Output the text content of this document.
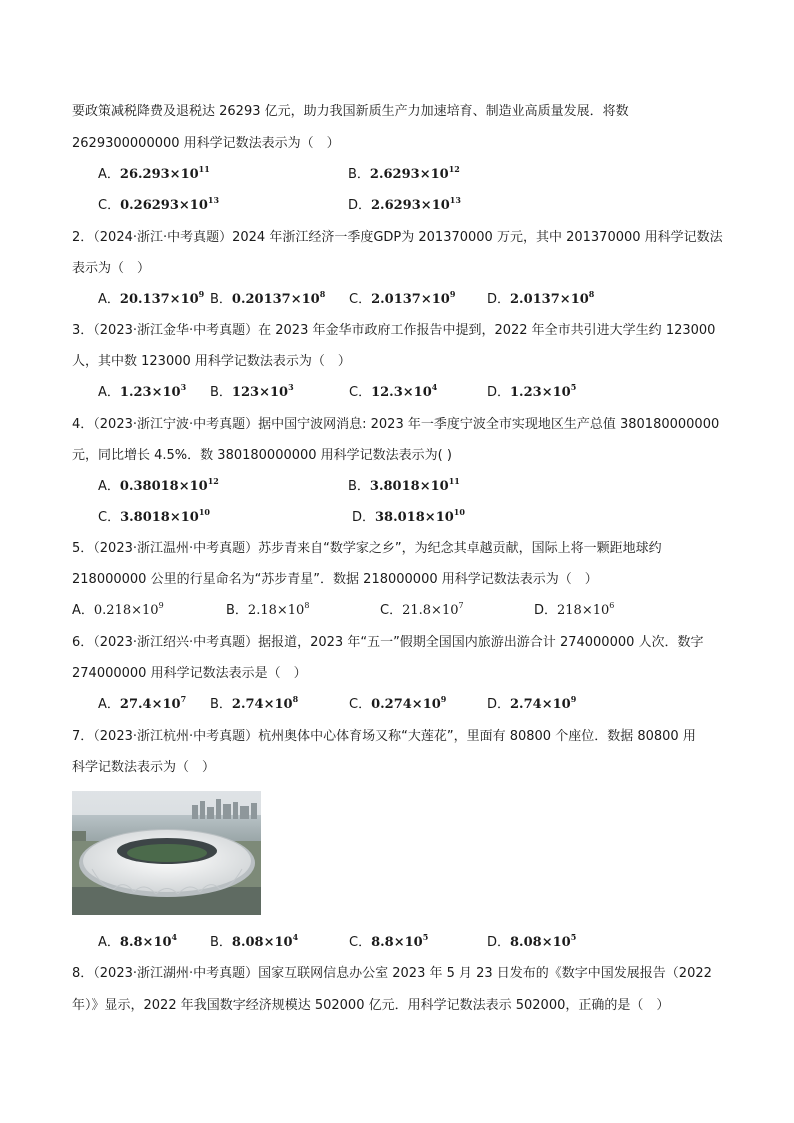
要政策减税降费及退税达 26293 亿元，助力我国新质生产力加速培育、制造业高质量发展．将数
2629300000000 用科学记数法表示为（　）
A．$26.293\times 10^{11}$	B．$2.6293\times 10^{12}$
C．$0.26293\times 10^{13}$	D．$2.6293\times 10^{13}$
2．（2024·浙江·中考真题）2024 年浙江经济一季度GDP为 201370000 万元，其中 201370000 用科学记数法
表示为（　）
A．$20.137\times 10^9$ B．$0.20137\times 10^8$ C．$2.0137\times 10^9$ D．$2.0137\times 10^8$
3．（2023·浙江金华·中考真题）在 2023 年金华市政府工作报告中提到，2022 年全市共引进大学生约 123000
人，其中数 123000 用科学记数法表示为（　）
A．$1.23\times 10^3$ B．$123\times 10^3$	C．$12.3\times 10^4$	D．$1.23\times 10^5$
4．（2023·浙江宁波·中考真题）据中国宁波网消息: 2023 年一季度宁波全市实现地区生产总值 380180000000
元，同比增长 4.5%．数 380180000000 用科学记数法表示为( )
A．$0.38018\times 10^{12}$	B．$3.8018\times 10^{11}$
C．$3.8018\times 10^{10}$	D．$38.018\times 10^{10}$
5．（2023·浙江温州·中考真题）苏步青来自“数学家之乡”，为纪念其卓越贡献，国际上将一颗距地球约
218000000 公里的行星命名为“苏步青星”．数据 218000000 用科学记数法表示为（　）
A．$0.218\times 10^9$	B．$2.18\times 10^8$	C．$21.8\times 10^7$	D．$218\times 10^6$
6．（2023·浙江绍兴·中考真题）据报道，2023 年“五一”假期全国国内旅游出游合计 274000000 人次．数字
274000000 用科学记数法表示是（　）
A．$27.4\times 10^7$ B．$2.74\times 10^8$	C．$0.274\times 10^9$	D．$2.74\times 10^9$
7．（2023·浙江杭州·中考真题）杭州奥体中心体育场又称“大莲花”，里面有 80800 个座位．数据 80800 用
科学记数法表示为（　）
A．$8.8\times 10^4$	B．$8.08\times 10^4$	C．$8.8\times 10^5$	D．$8.08\times 10^5$
8．（2023·浙江湖州·中考真题）国家互联网信息办公室 2023 年 5 月 23 日发布的《数字中国发展报告（2022
年）》显示，2022 年我国数字经济规模达 502000 亿元．用科学记数法表示 502000，正确的是（　）
